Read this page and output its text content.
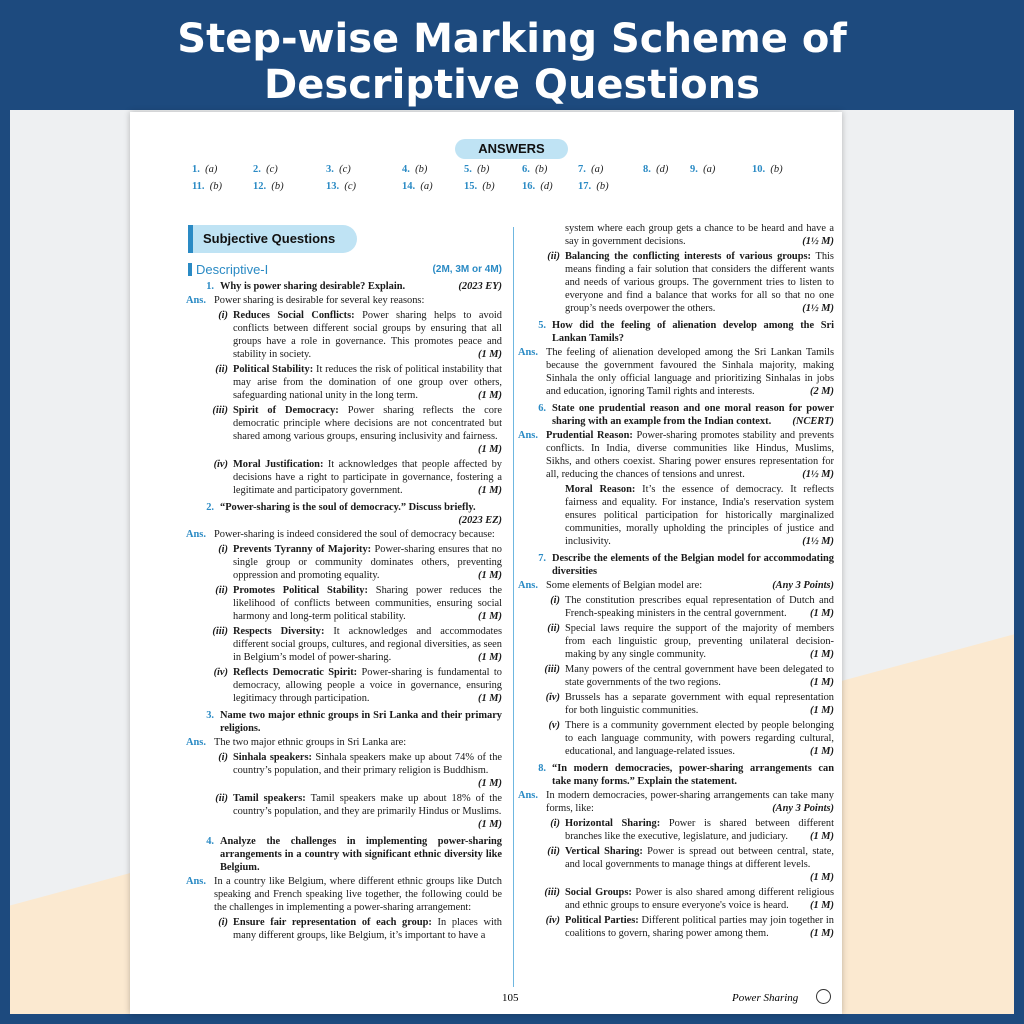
Step-wise Marking Scheme of
Descriptive Questions
ANSWERS
1. (a)	2. (c)	3. (c)	4. (b)	5. (b)	6. (b)	7. (a)	8. (d) 9. (a)	10. (b)
11. (b)	12. (b)	13. (c)	14. (a)	15. (b)	16. (d) 17. (b)
Subjective Questions
Descriptive-I	(2M, 3M or 4M)
1. Why is power sharing desirable? Explain.	(2023 EY)
Ans. Power sharing is desirable for several key reasons:
(i) Reduces Social Conflicts: Power sharing helps to avoid conflicts between different social groups by ensuring that all groups have a role in governance. This promotes peace and stability in society.	(1 M)
(ii) Political Stability: It reduces the risk of political instability that may arise from the domination of one group over others, safeguarding national unity in the long term.	(1 M)
(iii) Spirit of Democracy: Power sharing reflects the core democratic principle where decisions are not concentrated but shared among various groups, ensuring inclusivity and fairness.
(1 M)
(iv) Moral Justification: It acknowledges that people affected by decisions have a right to participate in governance, fostering a legitimate and participatory government.	(1 M)
2. “Power-sharing is the soul of democracy.” Discuss briefly.
(2023 EZ)
Ans. Power-sharing is indeed considered the soul of democracy because:
(i) Prevents Tyranny of Majority: Power-sharing ensures that no single group or community dominates others, preventing oppression and promoting equality.	(1 M)
(ii) Promotes Political Stability: Sharing power reduces the likelihood of conflicts between communities, ensuring social harmony and long-term political stability.	(1 M)
(iii) Respects Diversity: It acknowledges and accommodates different social groups, cultures, and regional diversities, as seen in Belgium’s model of power-sharing.	(1 M)
(iv) Reflects Democratic Spirit: Power-sharing is fundamental to democracy, allowing people a voice in governance, ensuring legitimacy through participation.	(1 M)
3. Name two major ethnic groups in Sri Lanka and their primary religions.
Ans. The two major ethnic groups in Sri Lanka are:
(i) Sinhala speakers: Sinhala speakers make up about 74% of the country’s population, and their primary religion is Buddhism.
(1 M)
(ii) Tamil speakers: Tamil speakers make up about 18% of the country’s population, and they are primarily Hindus or Muslims.
(1 M)
4. Analyze the challenges in implementing power-sharing arrangements in a country with significant ethnic diversity like Belgium.
Ans. In a country like Belgium, where different ethnic groups like Dutch speaking and French speaking live together, the following could be the challenges in implementing a power-sharing arrangement:
(i) Ensure fair representation of each group: In places with many different groups, like Belgium, it’s important to have a
system where each group gets a chance to be heard and have a say in government decisions.	(1½ M)
(ii) Balancing the conflicting interests of various groups: This means finding a fair solution that considers the different wants and needs of various groups. The government tries to listen to everyone and find a balance that works for all so that no one group’s needs overpower the others.	(1½ M)
5. How did the feeling of alienation develop among the Sri Lankan Tamils?
Ans. The feeling of alienation developed among the Sri Lankan Tamils because the government favoured the Sinhala majority, making Sinhala the only official language and prioritizing Sinhalas in jobs and education, ignoring Tamil rights and interests.	(2 M)
6. State one prudential reason and one moral reason for power sharing with an example from the Indian context. (NCERT)
Ans. Prudential Reason: Power-sharing promotes stability and prevents conflicts. In India, diverse communities like Hindus, Muslims, Sikhs, and others coexist. Sharing power ensures representation for all, reducing the chances of tensions and unrest.	(1½ M)
Moral Reason: It’s the essence of democracy. It reflects fairness and equality. For instance, India's reservation system ensures political participation for historically marginalized communities, morally upholding the principles of justice and inclusivity.	(1½ M)
7. Describe the elements of the Belgian model for accommodating diversities
Ans. Some elements of Belgian model are:	(Any 3 Points)
(i) The constitution prescribes equal representation of Dutch and French-speaking ministers in the central government. (1 M)
(ii) Special laws require the support of the majority of members from each linguistic group, preventing unilateral decision-making by any single community.	(1 M)
(iii) Many powers of the central government have been delegated to state governments of the two regions.	(1 M)
(iv) Brussels has a separate government with equal representation for both linguistic communities.	(1 M)
(v) There is a community government elected by people belonging to each language community, with powers regarding cultural, educational, and language-related issues.	(1 M)
8. “In modern democracies, power-sharing arrangements can take many forms.” Explain the statement.
Ans. In modern democracies, power-sharing arrangements can take many forms, like:	(Any 3 Points)
(i) Horizontal Sharing: Power is shared between different branches like the executive, legislature, and judiciary. (1 M)
(ii) Vertical Sharing: Power is spread out between central, state, and local governments to manage things at different levels.
(1 M)
(iii) Social Groups: Power is also shared among different religious and ethnic groups to ensure everyone's voice is heard. (1 M)
(iv) Political Parties: Different political parties may join together in coalitions to govern, sharing power among them.	(1 M)
105	Power Sharing
